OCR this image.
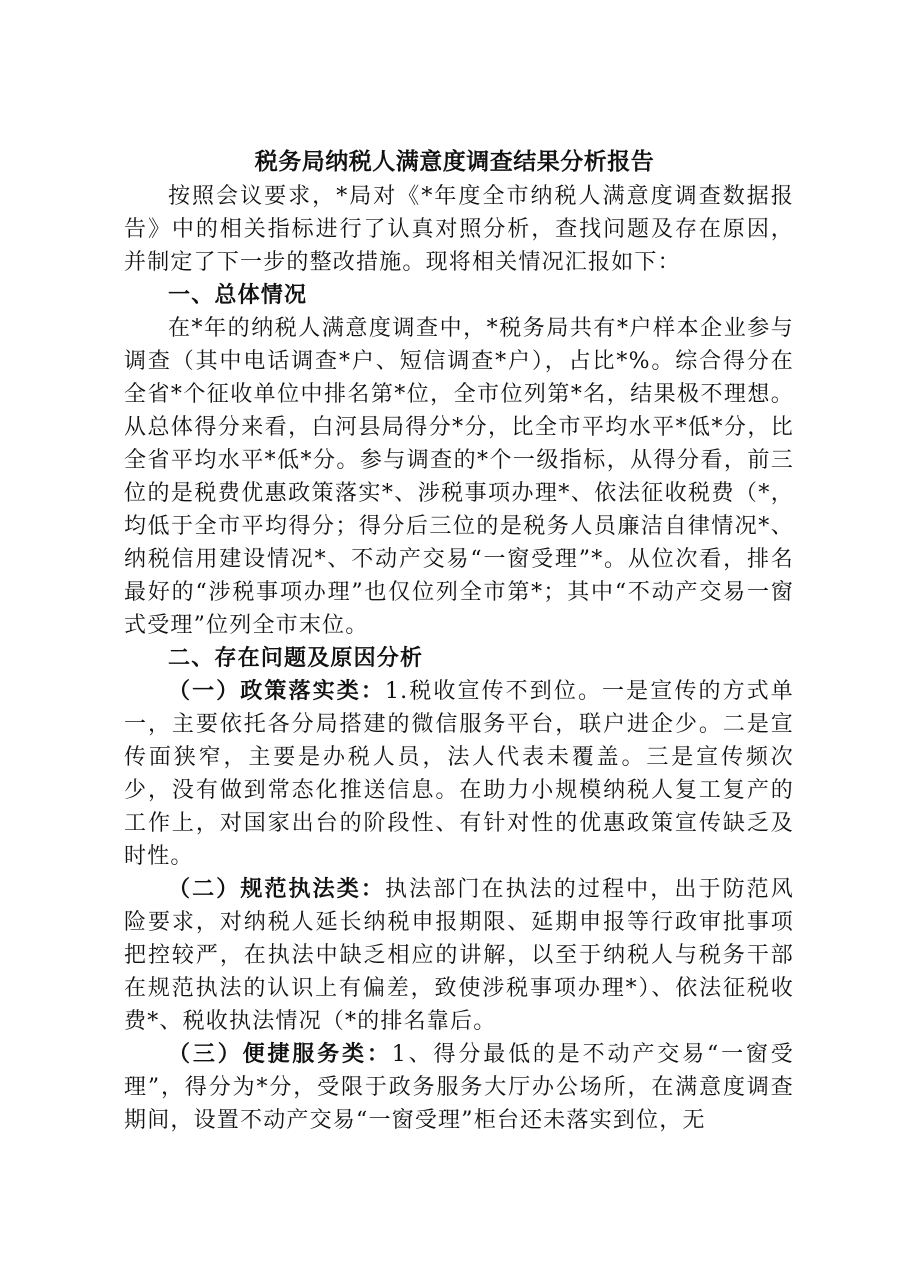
税务局纳税人满意度调查结果分析报告

按照会议要求，*局对《*年度全市纳税人满意度调查数据报告》中的相关指标进行了认真对照分析，查找问题及存在原因，并制定了下一步的整改措施。现将相关情况汇报如下：

一、总体情况

在*年的纳税人满意度调查中，*税务局共有*户样本企业参与调查（其中电话调查*户、短信调查*户），占比*%。综合得分在全省*个征收单位中排名第*位，全市位列第*名，结果极不理想。从总体得分来看，白河县局得分*分，比全市平均水平*低*分，比全省平均水平*低*分。参与调查的*个一级指标，从得分看，前三位的是税费优惠政策落实*、涉税事项办理*、依法征收税费（*，均低于全市平均得分；得分后三位的是税务人员廉洁自律情况*、纳税信用建设情况*、不动产交易“一窗受理”*。从位次看，排名最好的“涉税事项办理”也仅位列全市第*；其中“不动产交易一窗式受理”位列全市末位。

二、存在问题及原因分析

（一）政策落实类：1.税收宣传不到位。一是宣传的方式单一，主要依托各分局搭建的微信服务平台，联户进企少。二是宣传面狭窄，主要是办税人员，法人代表未覆盖。三是宣传频次少，没有做到常态化推送信息。在助力小规模纳税人复工复产的工作上，对国家出台的阶段性、有针对性的优惠政策宣传缺乏及时性。

（二）规范执法类：执法部门在执法的过程中，出于防范风险要求，对纳税人延长纳税申报期限、延期申报等行政审批事项把控较严，在执法中缺乏相应的讲解，以至于纳税人与税务干部在规范执法的认识上有偏差，致使涉税事项办理*）、依法征税收费*、税收执法情况（*的排名靠后。

（三）便捷服务类：1、得分最低的是不动产交易“一窗受理”，得分为*分，受限于政务服务大厅办公场所，在满意度调查期间，设置不动产交易“一窗受理”柜台还未落实到位，无
